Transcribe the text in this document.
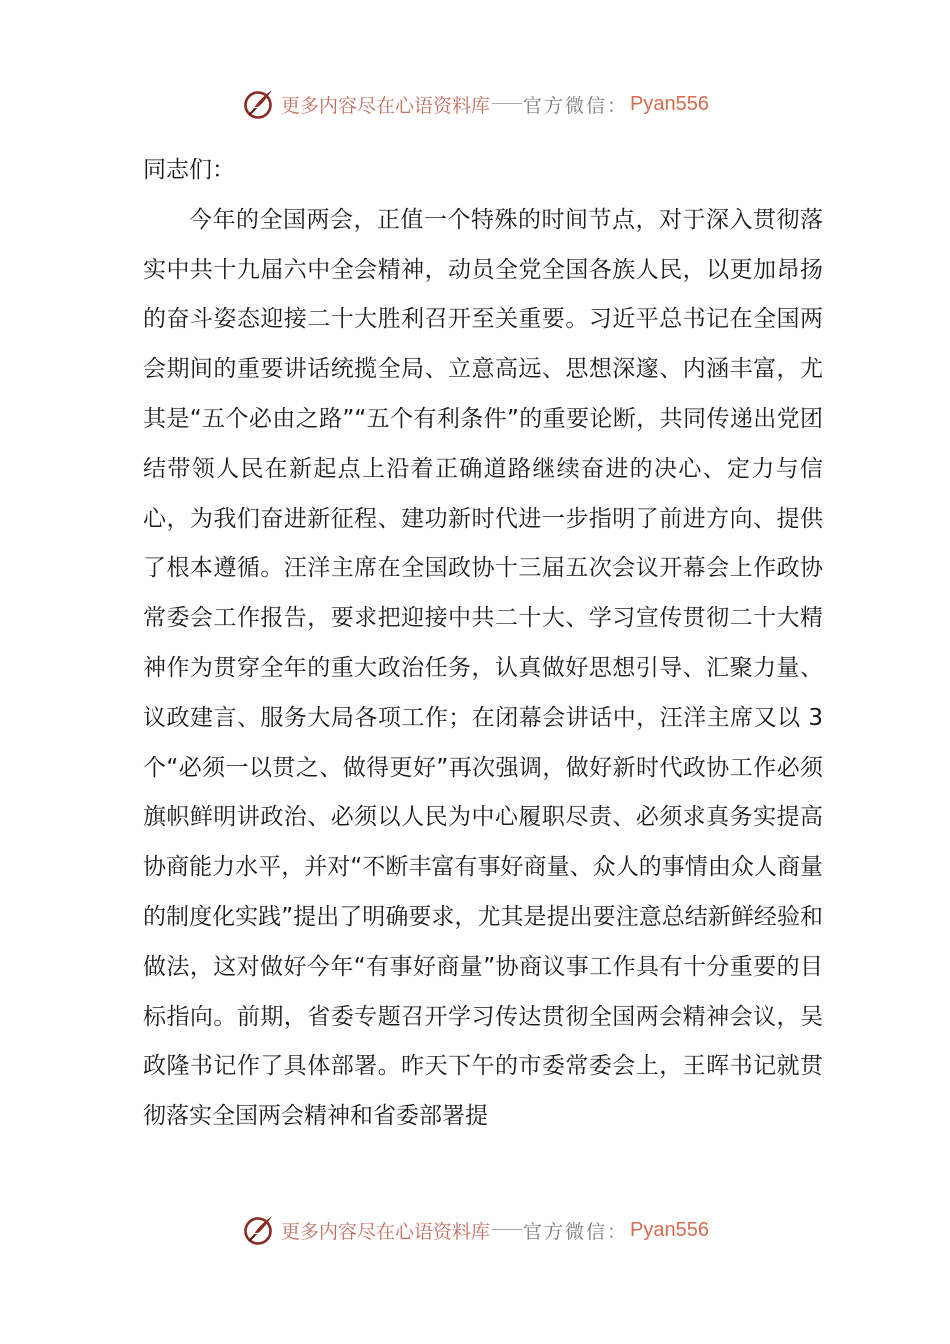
更多内容尽在心语资料库 官方微信： Pyan556

同志们：

今年的全国两会，正值一个特殊的时间节点，对于深入贯彻落实中共十九届六中全会精神，动员全党全国各族人民，以更加昂扬的奋斗姿态迎接二十大胜利召开至关重要。习近平总书记在全国两会期间的重要讲话统揽全局、立意高远、思想深邃、内涵丰富，尤其是“五个必由之路”“五个有利条件”的重要论断，共同传递出党团结带领人民在新起点上沿着正确道路继续奋进的决心、定力与信心，为我们奋进新征程、建功新时代进一步指明了前进方向、提供了根本遵循。汪洋主席在全国政协十三届五次会议开幕会上作政协常委会工作报告，要求把迎接中共二十大、学习宣传贯彻二十大精神作为贯穿全年的重大政治任务，认真做好思想引导、汇聚力量、议政建言、服务大局各项工作；在闭幕会讲话中，汪洋主席又以 3 个“必须一以贯之、做得更好”再次强调，做好新时代政协工作必须旗帜鲜明讲政治、必须以人民为中心履职尽责、必须求真务实提高协商能力水平，并对“不断丰富有事好商量、众人的事情由众人商量的制度化实践”提出了明确要求，尤其是提出要注意总结新鲜经验和做法，这对做好今年“有事好商量”协商议事工作具有十分重要的目标指向。前期，省委专题召开学习传达贯彻全国两会精神会议，吴政隆书记作了具体部署。昨天下午的市委常委会上，王晖书记就贯彻落实全国两会精神和省委部署提

更多内容尽在心语资料库 官方微信： Pyan556
